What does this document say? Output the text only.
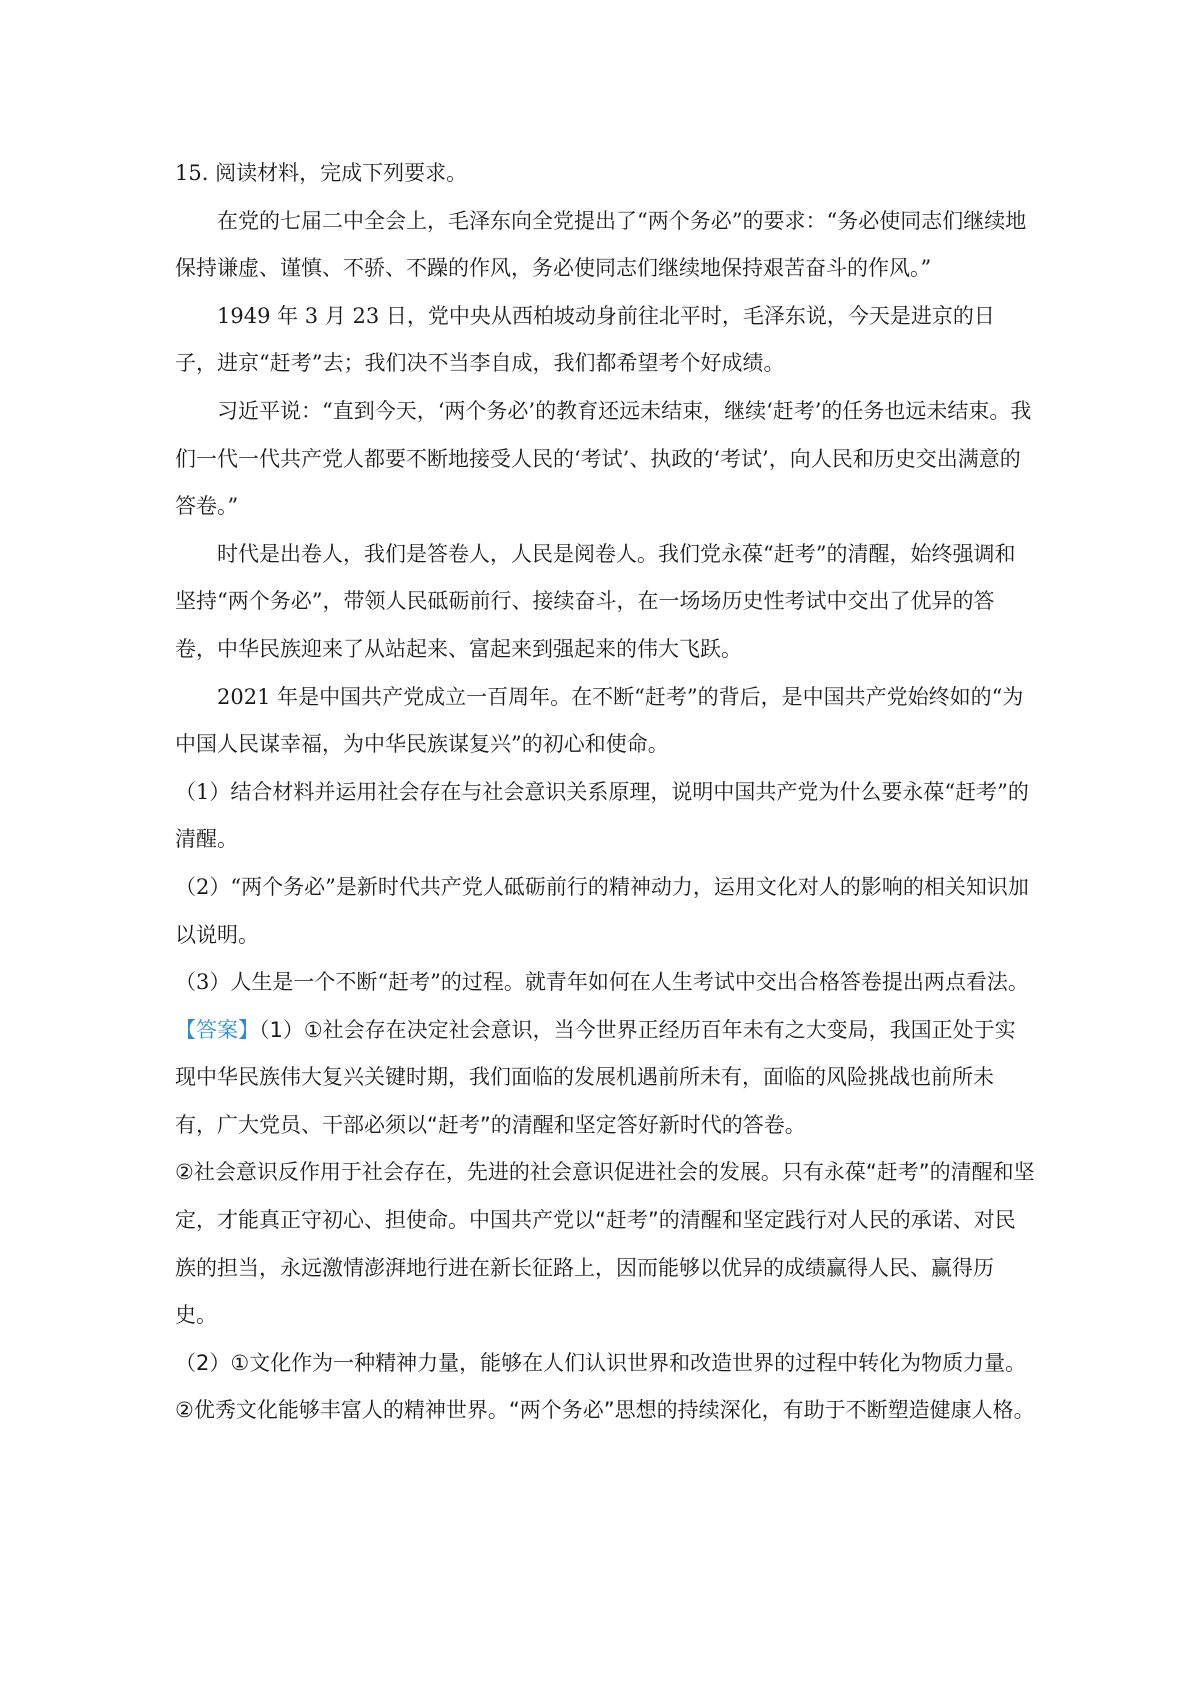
15. 阅读材料，完成下列要求。

在党的七届二中全会上，毛泽东向全党提出了“两个务必”的要求：“务必使同志们继续地保持谦虚、谨慎、不骄、不躁的作风，务必使同志们继续地保持艰苦奋斗的作风。”

1949 年 3 月 23 日，党中央从西柏坡动身前往北平时，毛泽东说，今天是进京的日子，进京“赶考”去；我们决不当李自成，我们都希望考个好成绩。

习近平说：“直到今天，‘两个务必’的教育还远未结束，继续‘赶考’的任务也远未结束。我们一代一代共产党人都要不断地接受人民的‘考试’、执政的‘考试’，向人民和历史交出满意的答卷。”

时代是出卷人，我们是答卷人，人民是阅卷人。我们党永葆“赶考”的清醒，始终强调和坚持“两个务必”，带领人民砥砺前行、接续奋斗，在一场场历史性考试中交出了优异的答卷，中华民族迎来了从站起来、富起来到强起来的伟大飞跃。

2021 年是中国共产党成立一百周年。在不断“赶考”的背后，是中国共产党始终如的“为中国人民谋幸福，为中华民族谋复兴”的初心和使命。

（1）结合材料并运用社会存在与社会意识关系原理，说明中国共产党为什么要永葆“赶考”的清醒。

（2）“两个务必”是新时代共产党人砥砺前行的精神动力，运用文化对人的影响的相关知识加以说明。

（3）人生是一个不断“赶考”的过程。就青年如何在人生考试中交出合格答卷提出两点看法。

【答案】（1）①社会存在决定社会意识，当今世界正经历百年未有之大变局，我国正处于实现中华民族伟大复兴关键时期，我们面临的发展机遇前所未有，面临的风险挑战也前所未有，广大党员、干部必须以“赶考”的清醒和坚定答好新时代的答卷。

②社会意识反作用于社会存在，先进的社会意识促进社会的发展。只有永葆“赶考”的清醒和坚定，才能真正守初心、担使命。中国共产党以“赶考”的清醒和坚定践行对人民的承诺、对民族的担当，永远激情澎湃地行进在新长征路上，因而能够以优异的成绩赢得人民、赢得历史。

（2）①文化作为一种精神力量，能够在人们认识世界和改造世界的过程中转化为物质力量。

②优秀文化能够丰富人的精神世界。“两个务必”思想的持续深化，有助于不断塑造健康人格。
